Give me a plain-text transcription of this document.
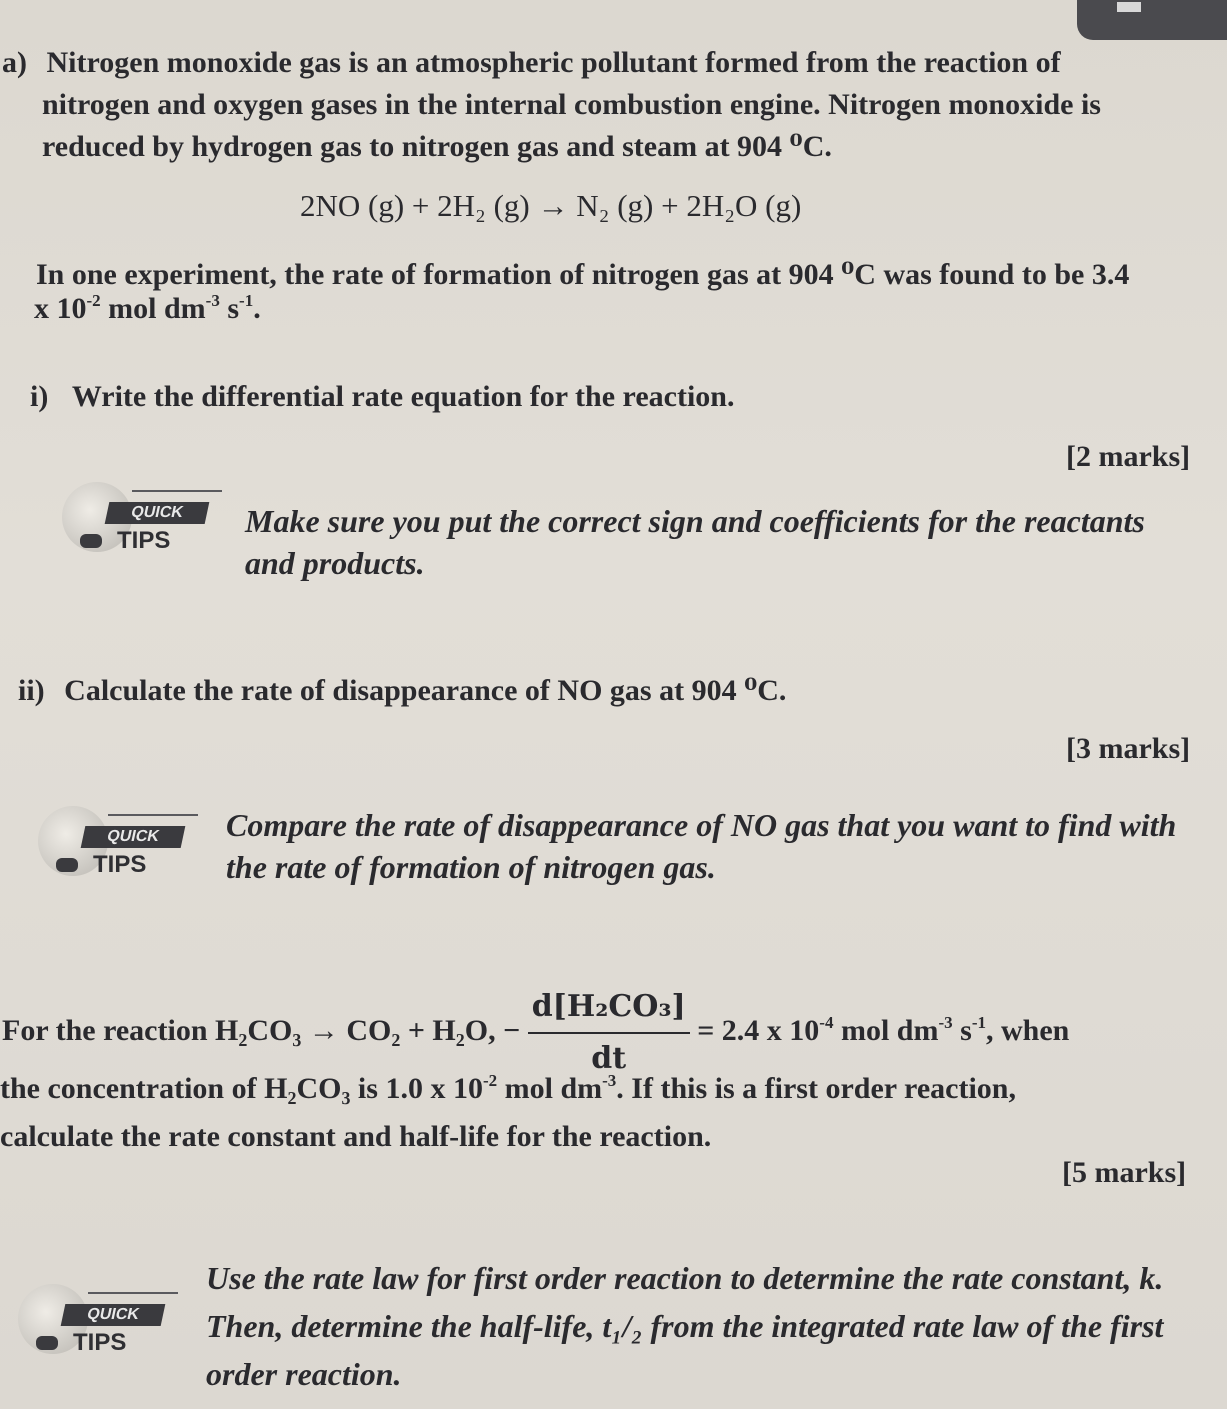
a) Nitrogen monoxide gas is an atmospheric pollutant formed from the reaction of
nitrogen and oxygen gases in the internal combustion engine. Nitrogen monoxide is
reduced by hydrogen gas to nitrogen gas and steam at 904 ⁰C.
2NO (g) + 2H₂ (g) → N₂ (g) + 2H₂O (g)
In one experiment, the rate of formation of nitrogen gas at 904 ⁰C was found to be 3.4
x $10^{-2}$ mol $dm^{-3}$ $s^{-1}$.
i) Write the differential rate equation for the reaction.
[2 marks]
QUICK
TIPS
Make sure you put the correct sign and coefficients for the reactants and products.
ii) Calculate the rate of disappearance of NO gas at 904 ⁰C.
[3 marks]
QUICK
TIPS
Compare the rate of disappearance of NO gas that you want to find with the rate of formation of nitrogen gas.
For the reaction H₂CO₃ → CO₂ + H₂O, − $\frac{\text{d[H₂CO₃]}}{dt} = 2.4$ x $10^{-4}$ mol $dm^{-3}$ $s^{-1}$, when
the concentration of H₂CO₃ is 1.0 x $10^{-2}$ mol $dm^{-3}$. If this is a first order reaction,
calculate the rate constant and half-life for the reaction.
[5 marks]
QUICK
TIPS
Use the rate law for first order reaction to determine the rate constant, k. Then, determine the half-life, t₁/₂ from the integrated rate law of the first order reaction.
